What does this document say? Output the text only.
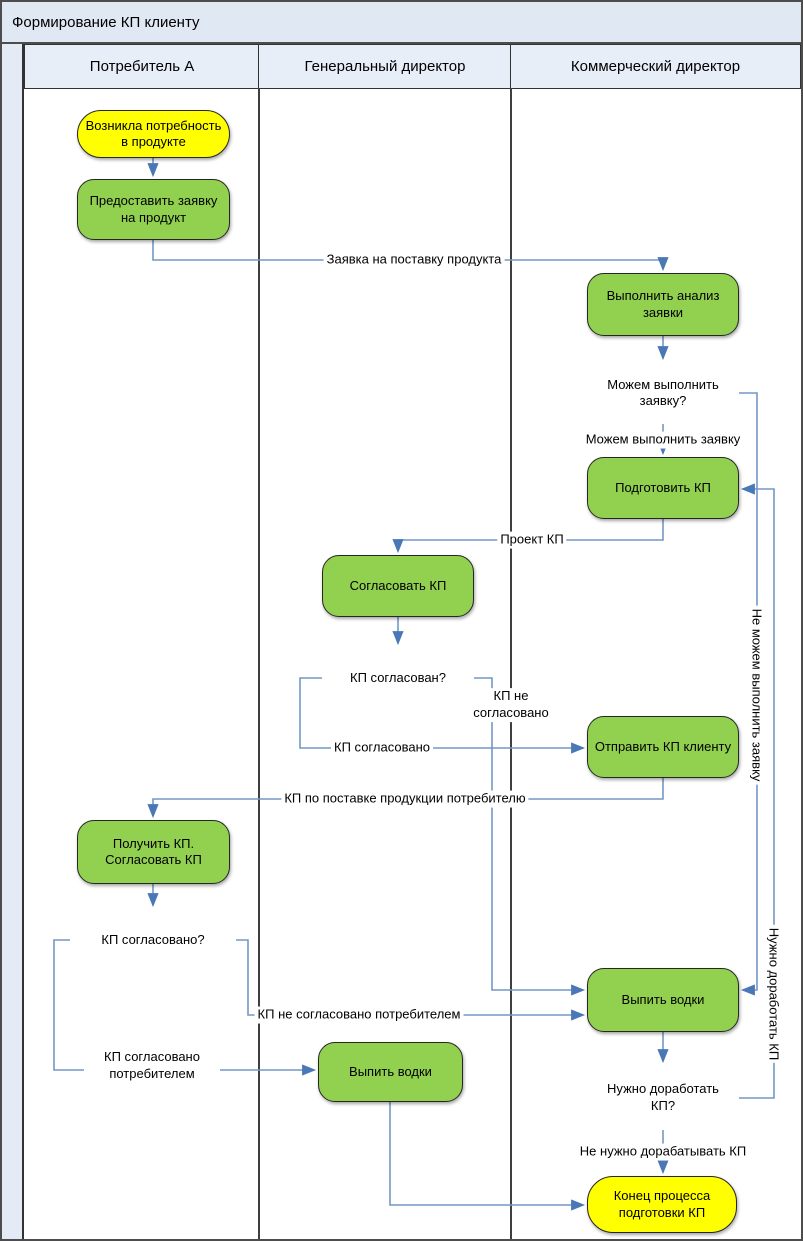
Формирование КП клиенту
Потребитель А	Генеральный директор	Коммерческий директор
Заявка на поставку продукта
Можем выполнить заявку
Не можем выполнить заявку
Проект КП
КП согласовано
КП не согласовано
КП по поставке продукции потребителю
КП согласовано потребителем
КП не согласовано потребителем	Нужно доработать КП
Не нужно дорабатывать КП
Возникла потребность в продукте
Предоставить заявку на продукт
Выполнить анализ заявки
Можем выполнить заявку?
Подготовить КП
Согласовать КП
КП согласован?
Отправить КП клиенту
Получить КП. Согласовать КП
КП согласовано?
Выпить водки
Выпить водки
Нужно доработать КП?
Конец процесса подготовки КП
